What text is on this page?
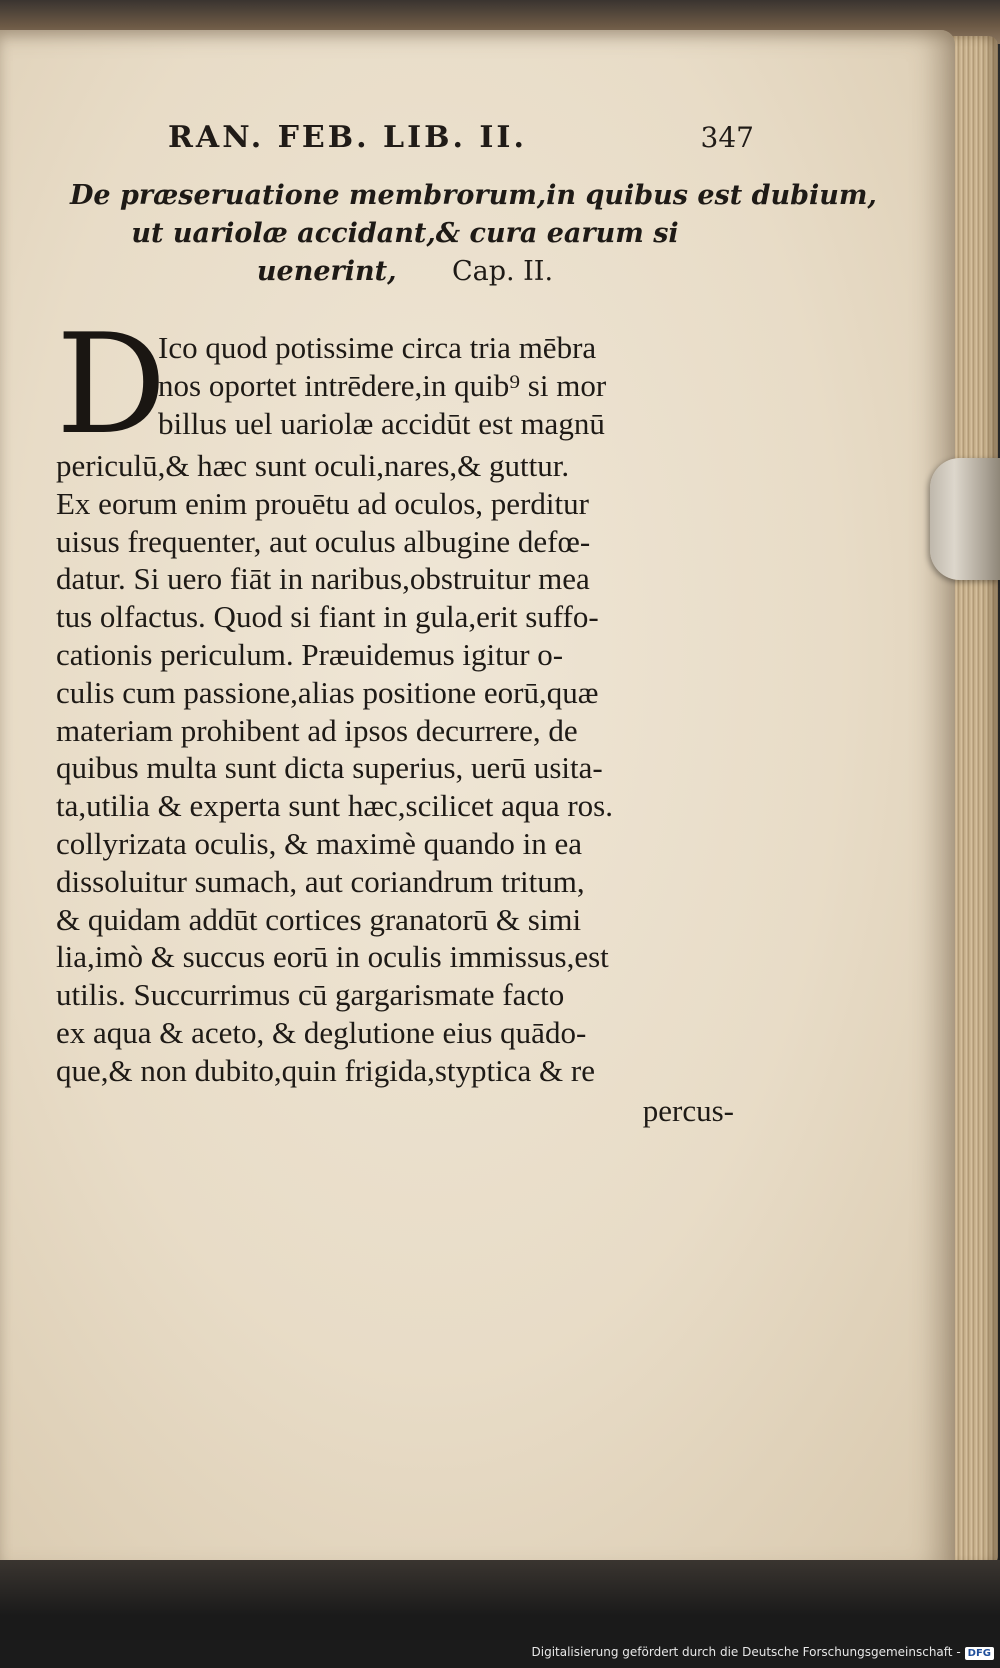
RAN. FEB. LIB. II.	347
De præseruatione membrorum,in quibus est dubium,
ut uariolæ accidant,& cura earum si
uenerint, Cap. II.
D
Ico quod potissime circa tria mēbra
nos oportet intrēdere,in quib⁹ si mor
billus uel uariolæ accidūt est magnū
periculū,& hæc sunt oculi,nares,& guttur.
Ex eorum enim prouētu ad oculos, perditur
uisus frequenter, aut oculus albugine defœ-
datur. Si uero fiāt in naribus,obstruitur mea
tus olfactus. Quod si fiant in gula,erit suffo-
cationis periculum. Præuidemus igitur o-
culis cum passione,alias positione eorū,quæ
materiam prohibent ad ipsos decurrere, de
quibus multa sunt dicta superius, uerū usita-
ta,utilia & experta sunt hæc,scilicet aqua ros.
collyrizata oculis, & maximè quando in ea
dissoluitur sumach, aut coriandrum tritum,
& quidam addūt cortices granatorū & simi
lia,imò & succus eorū in oculis immissus,est
utilis. Succurrimus cū gargarismate facto
ex aqua & aceto, & deglutione eius quādo-
que,& non dubito,quin frigida,styptica & re
percus-
Digitalisierung gefördert durch die Deutsche Forschungsgemeinschaft - DFG
